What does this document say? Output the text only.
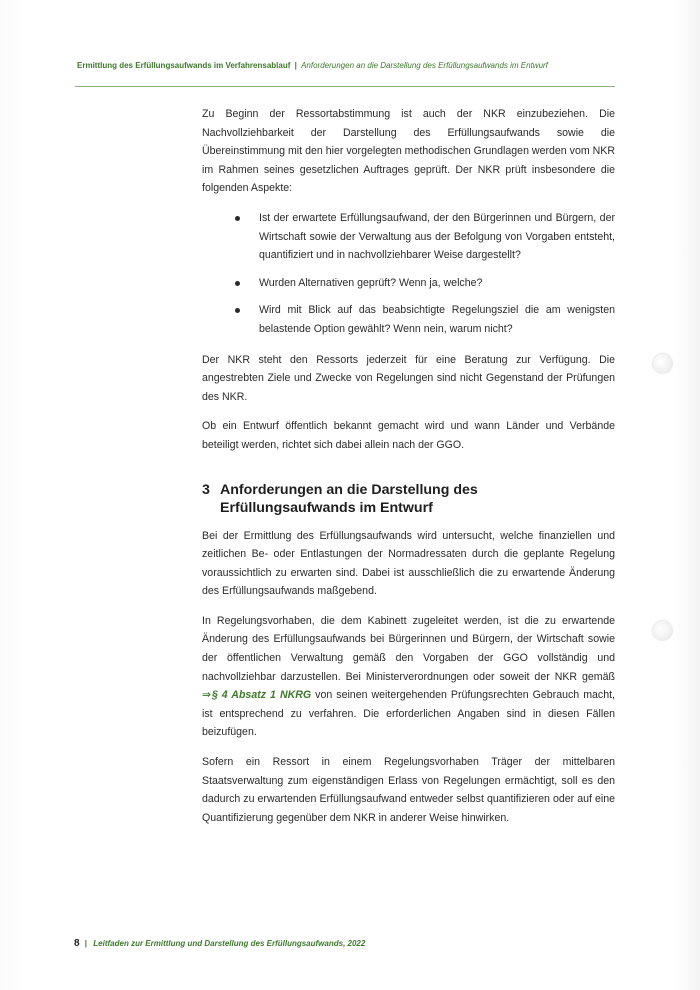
Ermittlung des Erfüllungsaufwands im Verfahrensablauf | Anforderungen an die Darstellung des Erfüllungsaufwands im Entwurf

Zu Beginn der Ressortabstimmung ist auch der NKR einzubeziehen. Die Nachvollziehbarkeit der Darstellung des Erfüllungsaufwands sowie die Übereinstimmung mit den hier vorgelegten methodischen Grundlagen werden vom NKR im Rahmen seines gesetzlichen Auftrages geprüft. Der NKR prüft insbesondere die folgenden Aspekte:

Ist der erwartete Erfüllungsaufwand, der den Bürgerinnen und Bürgern, der Wirtschaft sowie der Verwaltung aus der Befolgung von Vorgaben entsteht, quantifiziert und in nachvollziehbarer Weise dargestellt?
Wurden Alternativen geprüft? Wenn ja, welche?
Wird mit Blick auf das beabsichtigte Regelungsziel die am wenigsten belastende Option gewählt? Wenn nein, warum nicht?

Der NKR steht den Ressorts jederzeit für eine Beratung zur Verfügung. Die angestrebten Ziele und Zwecke von Regelungen sind nicht Gegenstand der Prüfungen des NKR.

Ob ein Entwurf öffentlich bekannt gemacht wird und wann Länder und Verbände beteiligt werden, richtet sich dabei allein nach der GGO.

3 Anforderungen an die Darstellung des Erfüllungsaufwands im Entwurf

Bei der Ermittlung des Erfüllungsaufwands wird untersucht, welche finanziellen und zeitlichen Be- oder Entlastungen der Normadressaten durch die geplante Regelung voraussichtlich zu erwarten sind. Dabei ist ausschließlich die zu erwartende Änderung des Erfüllungsaufwands maßgebend.

In Regelungsvorhaben, die dem Kabinett zugeleitet werden, ist die zu erwartende Änderung des Erfüllungsaufwands bei Bürgerinnen und Bürgern, der Wirtschaft sowie der öffentlichen Verwaltung gemäß den Vorgaben der GGO vollständig und nachvollziehbar darzustellen. Bei Ministerverordnungen oder soweit der NKR gemäß ⇒§ 4 Absatz 1 NKRG von seinen weitergehenden Prüfungsrechten Gebrauch macht, ist entsprechend zu verfahren. Die erforderlichen Angaben sind in diesen Fällen beizufügen.

Sofern ein Ressort in einem Regelungsvorhaben Träger der mittelbaren Staatsverwaltung zum eigenständigen Erlass von Regelungen ermächtigt, soll es den dadurch zu erwartenden Erfüllungsaufwand entweder selbst quantifizieren oder auf eine Quantifizierung gegenüber dem NKR in anderer Weise hinwirken.

8 | Leitfaden zur Ermittlung und Darstellung des Erfüllungsaufwands, 2022
